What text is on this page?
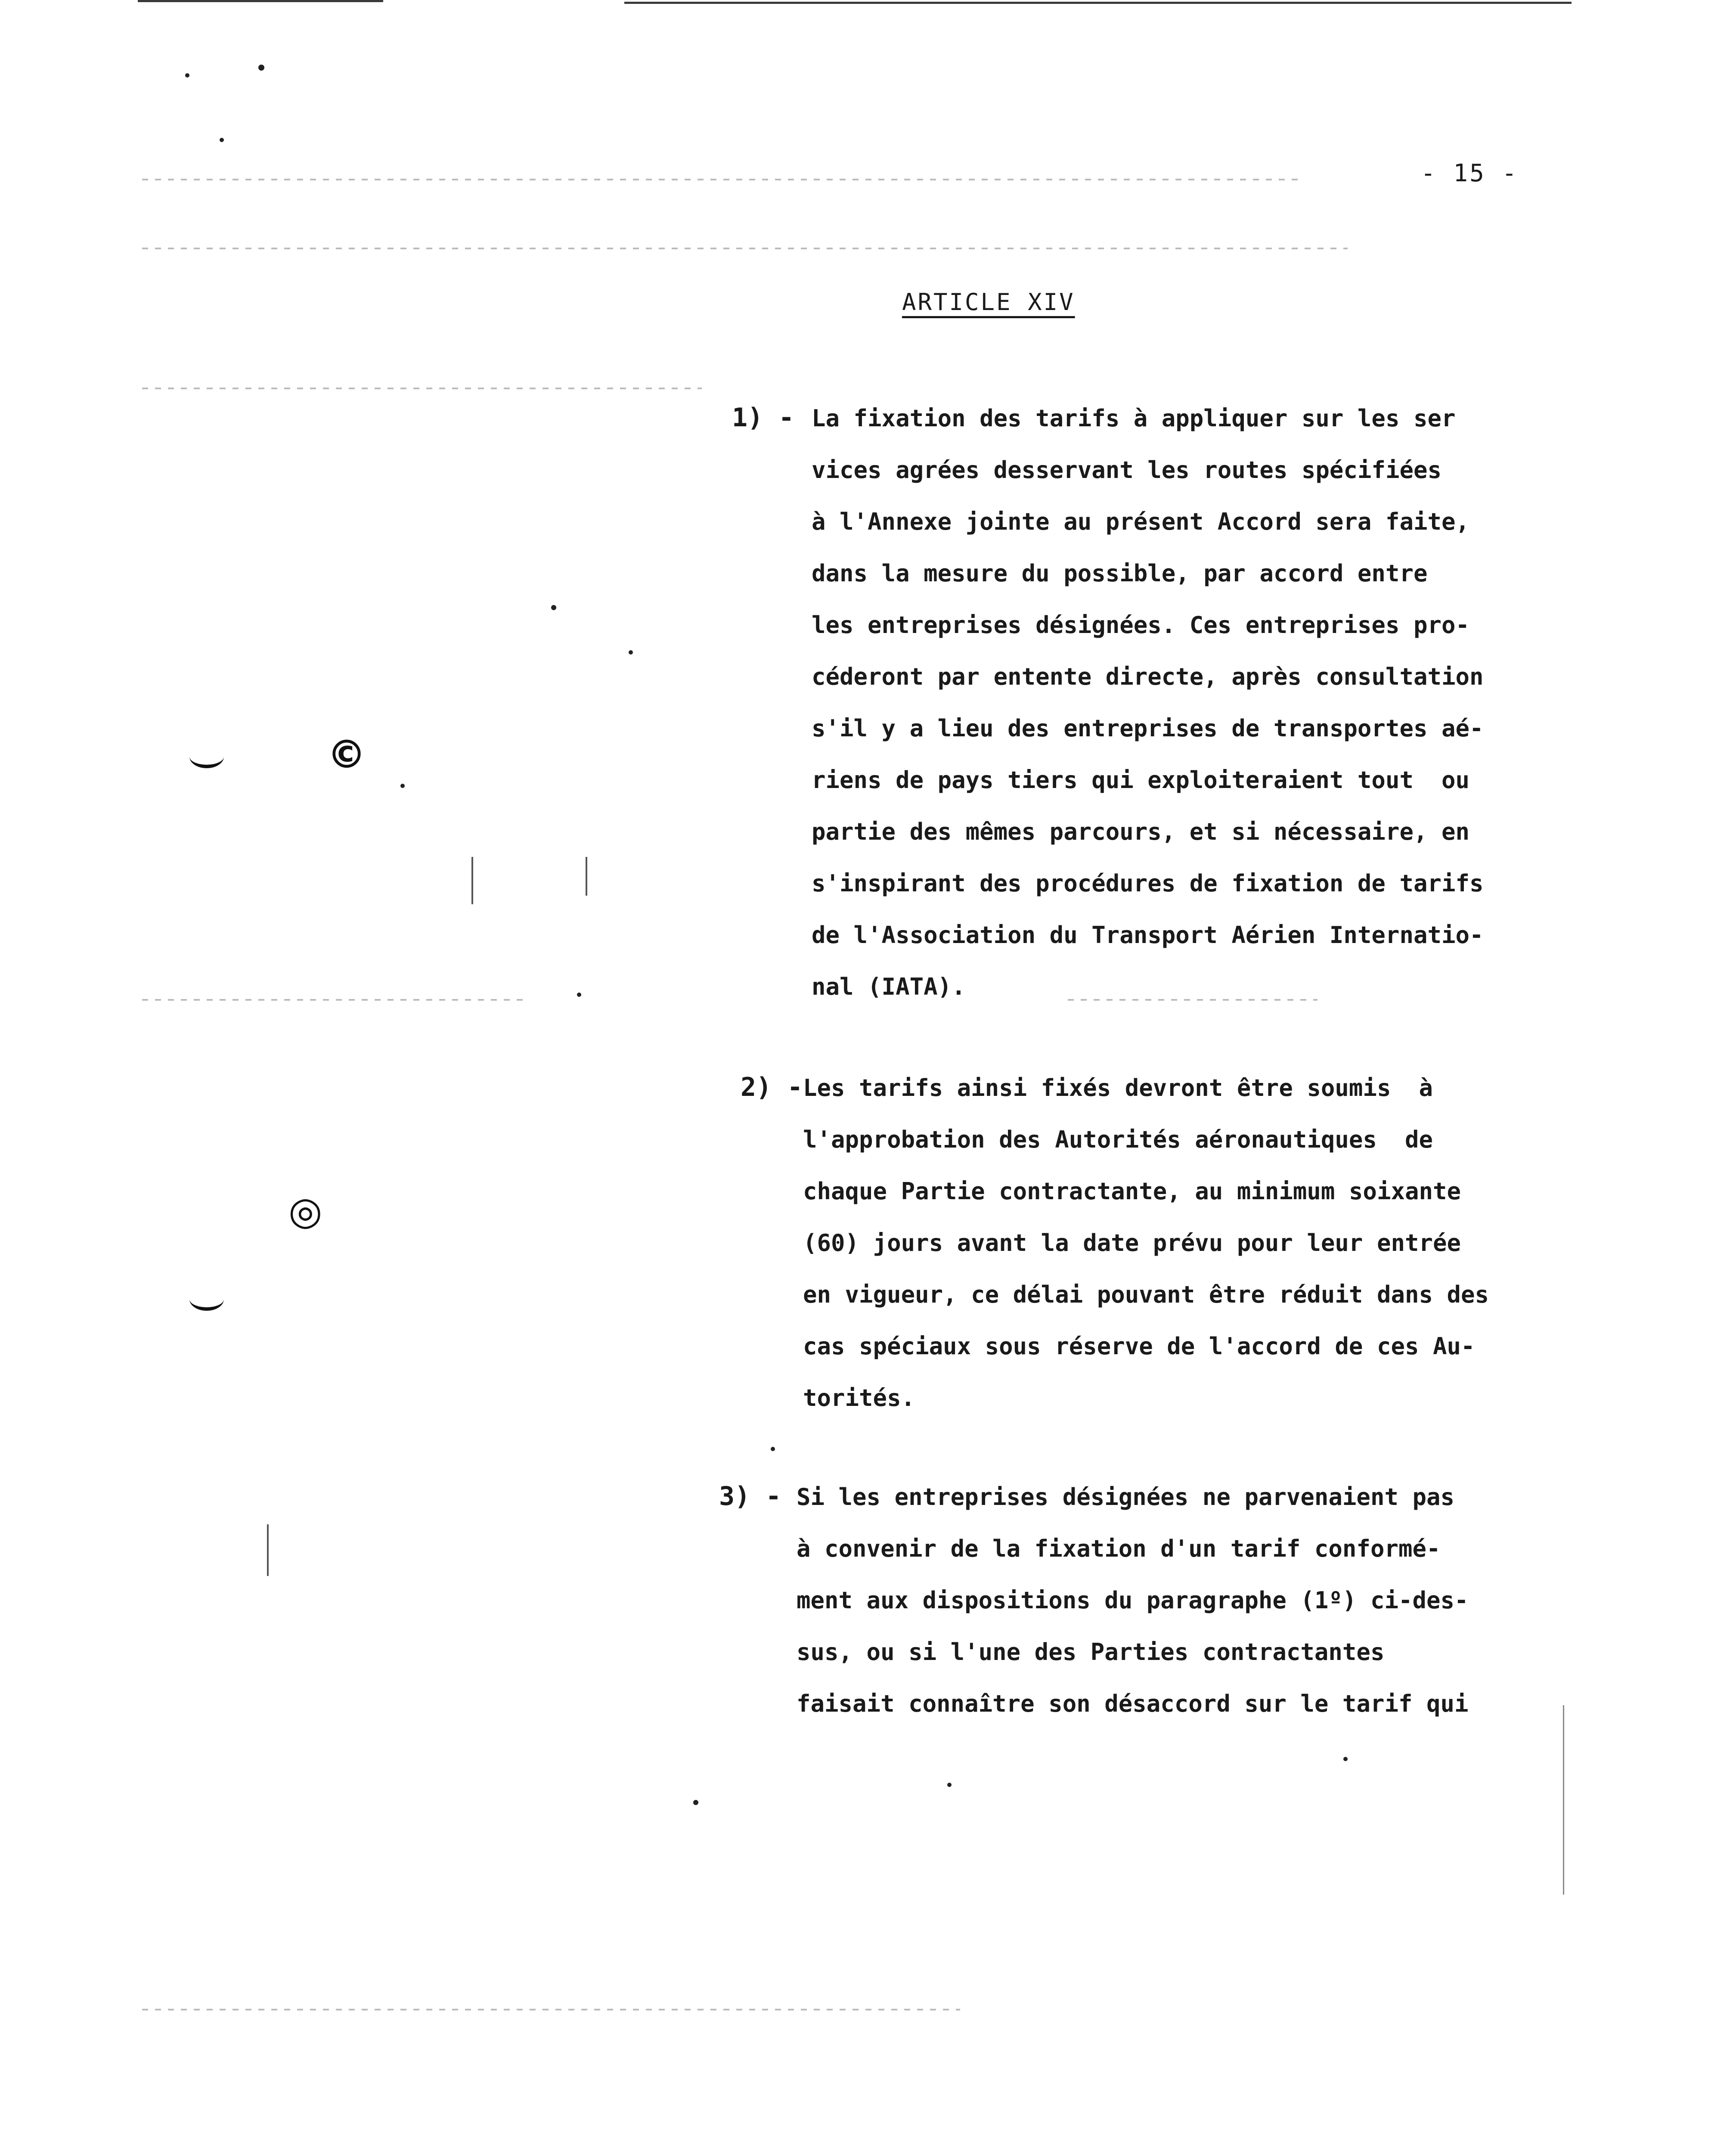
- 15 -
ARTICLE XIV
1) - La fixation des tarifs à appliquer sur les ser
vices agrées desservant les routes spécifiées
à l'Annexe jointe au présent Accord sera faite,
dans la mesure du possible, par accord entre
les entreprises désignées. Ces entreprises pro-
céderont par entente directe, après consultation
s'il y a lieu des entreprises de transportes aé-
riens de pays tiers qui exploiteraient tout  ou
partie des mêmes parcours, et si nécessaire, en
s'inspirant des procédures de fixation de tarifs
de l'Association du Transport Aérien Internatio-
nal (IATA).
2) - Les tarifs ainsi fixés devront être soumis  à
l'approbation des Autorités aéronautiques  de
chaque Partie contractante, au minimum soixante
(60) jours avant la date prévu pour leur entrée
en vigueur, ce délai pouvant être réduit dans des
cas spéciaux sous réserve de l'accord de ces Au-
torités.
3) - Si les entreprises désignées ne parvenaient pas
à convenir de la fixation d'un tarif conformé-
ment aux dispositions du paragraphe (1º) ci-des-
sus, ou si l'une des Parties contractantes
faisait connaître son désaccord sur le tarif qui
©
◎
